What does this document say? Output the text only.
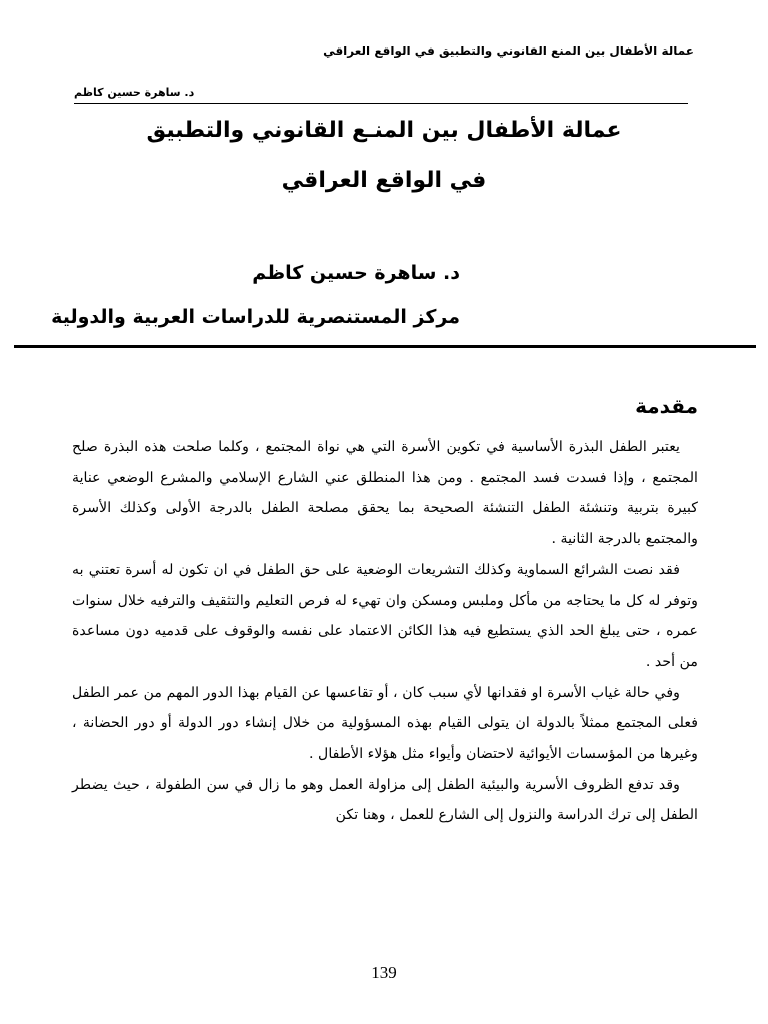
عمالة الأطفال بين المنع القانوني والتطبيق في الواقع العراقي
د. ساهرة حسين كاظم
عمالة الأطفال بين المنـع القانوني والتطبيق
في الواقع العراقي
د. ساهرة حسين كاظم
مركز المستنصرية للدراسات العربية والدولية
مقدمة

يعتبر الطفل البذرة الأساسية في تكوين الأسرة التي هي نواة المجتمع ، وكلما صلحت هذه البذرة صلح المجتمع ، وإذا فسدت فسد المجتمع . ومن هذا المنطلق عني الشارع الإسلامي والمشرع الوضعي عناية كبيرة بتربية وتنشئة الطفل التنشئة الصحيحة بما يحقق مصلحة الطفل بالدرجة الأولى وكذلك الأسرة والمجتمع بالدرجة الثانية .

فقد نصت الشرائع السماوية وكذلك التشريعات الوضعية على حق الطفل في ان تكون له أسرة تعتني به وتوفر له كل ما يحتاجه من مأكل وملبس ومسكن وان تهيء له فرص التعليم والتثقيف والترفيه خلال سنوات عمره ، حتى يبلغ الحد الذي يستطيع فيه هذا الكائن الاعتماد على نفسه والوقوف على قدميه دون مساعدة من أحد .

وفي حالة غياب الأسرة او فقدانها لأي سبب كان ، أو تقاعسها عن القيام بهذا الدور المهم من عمر الطفل فعلى المجتمع ممثلاً بالدولة ان يتولى القيام بهذه المسؤولية من خلال إنشاء دور الدولة أو دور الحضانة ، وغيرها من المؤسسات الأيوائية لاحتضان وأيواء مثل هؤلاء الأطفال .

وقد تدفع الظروف الأسرية والبيئية الطفل إلى مزاولة العمل وهو ما زال في سن الطفولة ، حيث يضطر الطفل إلى ترك الدراسة والنزول إلى الشارع للعمل ، وهنا تكن

139
